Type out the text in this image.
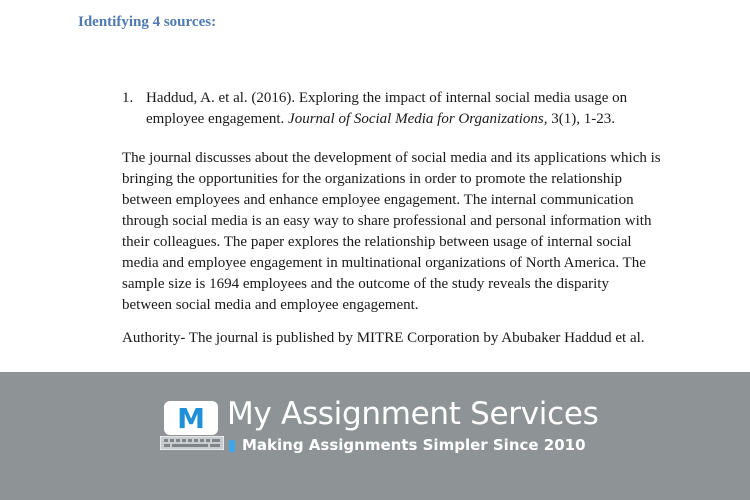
Identifying 4 sources:
1. Haddud, A. et al. (2016). Exploring the impact of internal social media usage on
employee engagement. Journal of Social Media for Organizations, 3(1), 1-23.
The journal discusses about the development of social media and its applications which is
bringing the opportunities for the organizations in order to promote the relationship
between employees and enhance employee engagement. The internal communication
through social media is an easy way to share professional and personal information with
their colleagues. The paper explores the relationship between usage of internal social
media and employee engagement in multinational organizations of North America. The
sample size is 1694 employees and the outcome of the study reveals the disparity
between social media and employee engagement.
Authority- The journal is published by MITRE Corporation by Abubaker Haddud et al.
M My Assignment Services
Making Assignments Simpler Since 2010
